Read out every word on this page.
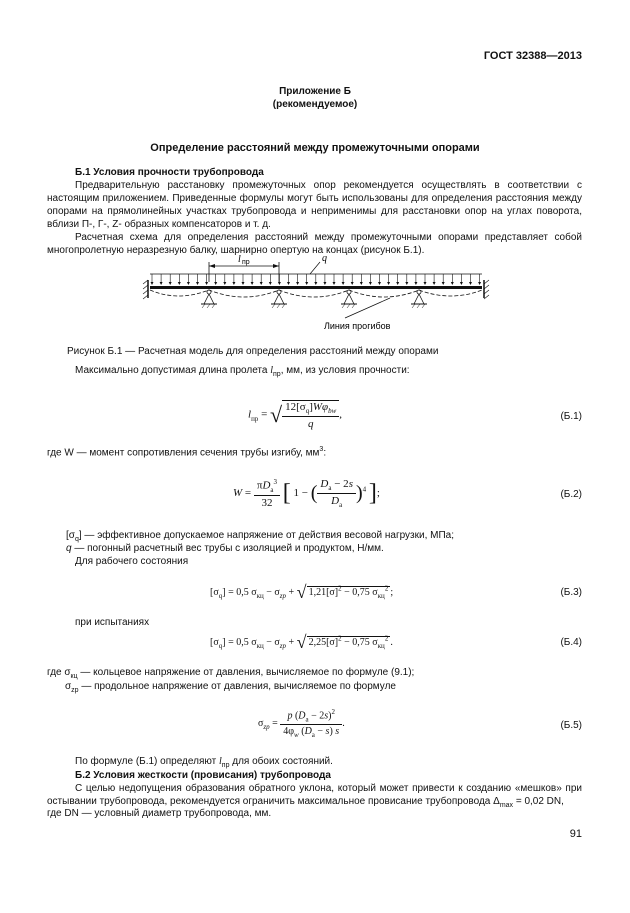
ГОСТ 32388—2013
Приложение Б
(рекомендуемое)
Определение расстояний между промежуточными опорами
Б.1 Условия прочности трубопровода
Предварительную расстановку промежуточных опор рекомендуется осуществлять в соответствии с настоящим приложением. Приведенные формулы могут быть использованы для определения расстояния между опорами на прямолинейных участках трубопровода и неприменимы для расстановки опор на углах поворота, вблизи П-, Г-, Z- образных компенсаторов и т. д.
Расчетная схема для определения расстояний между промежуточными опорами представляет собой многопролетную неразрезную балку, шарнирно опертую на концах (рисунок Б.1).
l пр	q
Линия прогибов
Рисунок Б.1 — Расчетная модель для определения расстояний между опорами
Максимально допустимая длина пролета $l_{пр}$, мм, из условия прочности:
$l_{пр}$ = √ $\frac{12[\sigma_q]W\varphi_{bw}}{q}$ ,	(Б.1)
где W — момент сопротивления сечения трубы изгибу, $мм^3$:
$W = \frac{\pi D_a^3}{32}$ [ 1 − ( $\frac{D_a - 2s}{D_a} )^4$ ];	(Б.2)
$[\sigma_q]$ — эффективное допускаемое напряжение от действия весовой нагрузки, МПа;
q — погонный расчетный вес трубы с изоляцией и продуктом, Н/мм.
Для рабочего состояния
$[\sigma_q] = 0,5$ $\sigma_{кц} - \sigma_{zp}$ + √ $1,21[\sigma]^2 - 0,75$ $\sigma_{кц}^2$ ;	(Б.3)
при испытаниях
$[\sigma_q] = 0,5$ $\sigma_{кц} - \sigma_{zp}$ + √ $2,25[\sigma]^2 - 0,75$ $\sigma_{кц}^2$ .	(Б.4)
где $\sigma_{кц}$ — кольцевое напряжение от давления, вычисляемое по формуле (9.1);
$\sigma_{zp}$ — продольное напряжение от давления, вычисляемое по формуле
$\sigma_{zp} = \frac{p (D_a - 2s)^2}{4\varphi_w (D_a - s) s}$ .	(Б.5)
По формуле (Б.1) определяют $l_{пр}$ для обоих состояний.
Б.2 Условия жесткости (провисания) трубопровода
С целью недопущения образования обратного уклона, который может привести к созданию «мешков» при остывании трубопровода, рекомендуется ограничить максимальное провисание трубопровода $\Delta_{max} = 0,02$ DN,
где DN — условный диаметр трубопровода, мм.
91
